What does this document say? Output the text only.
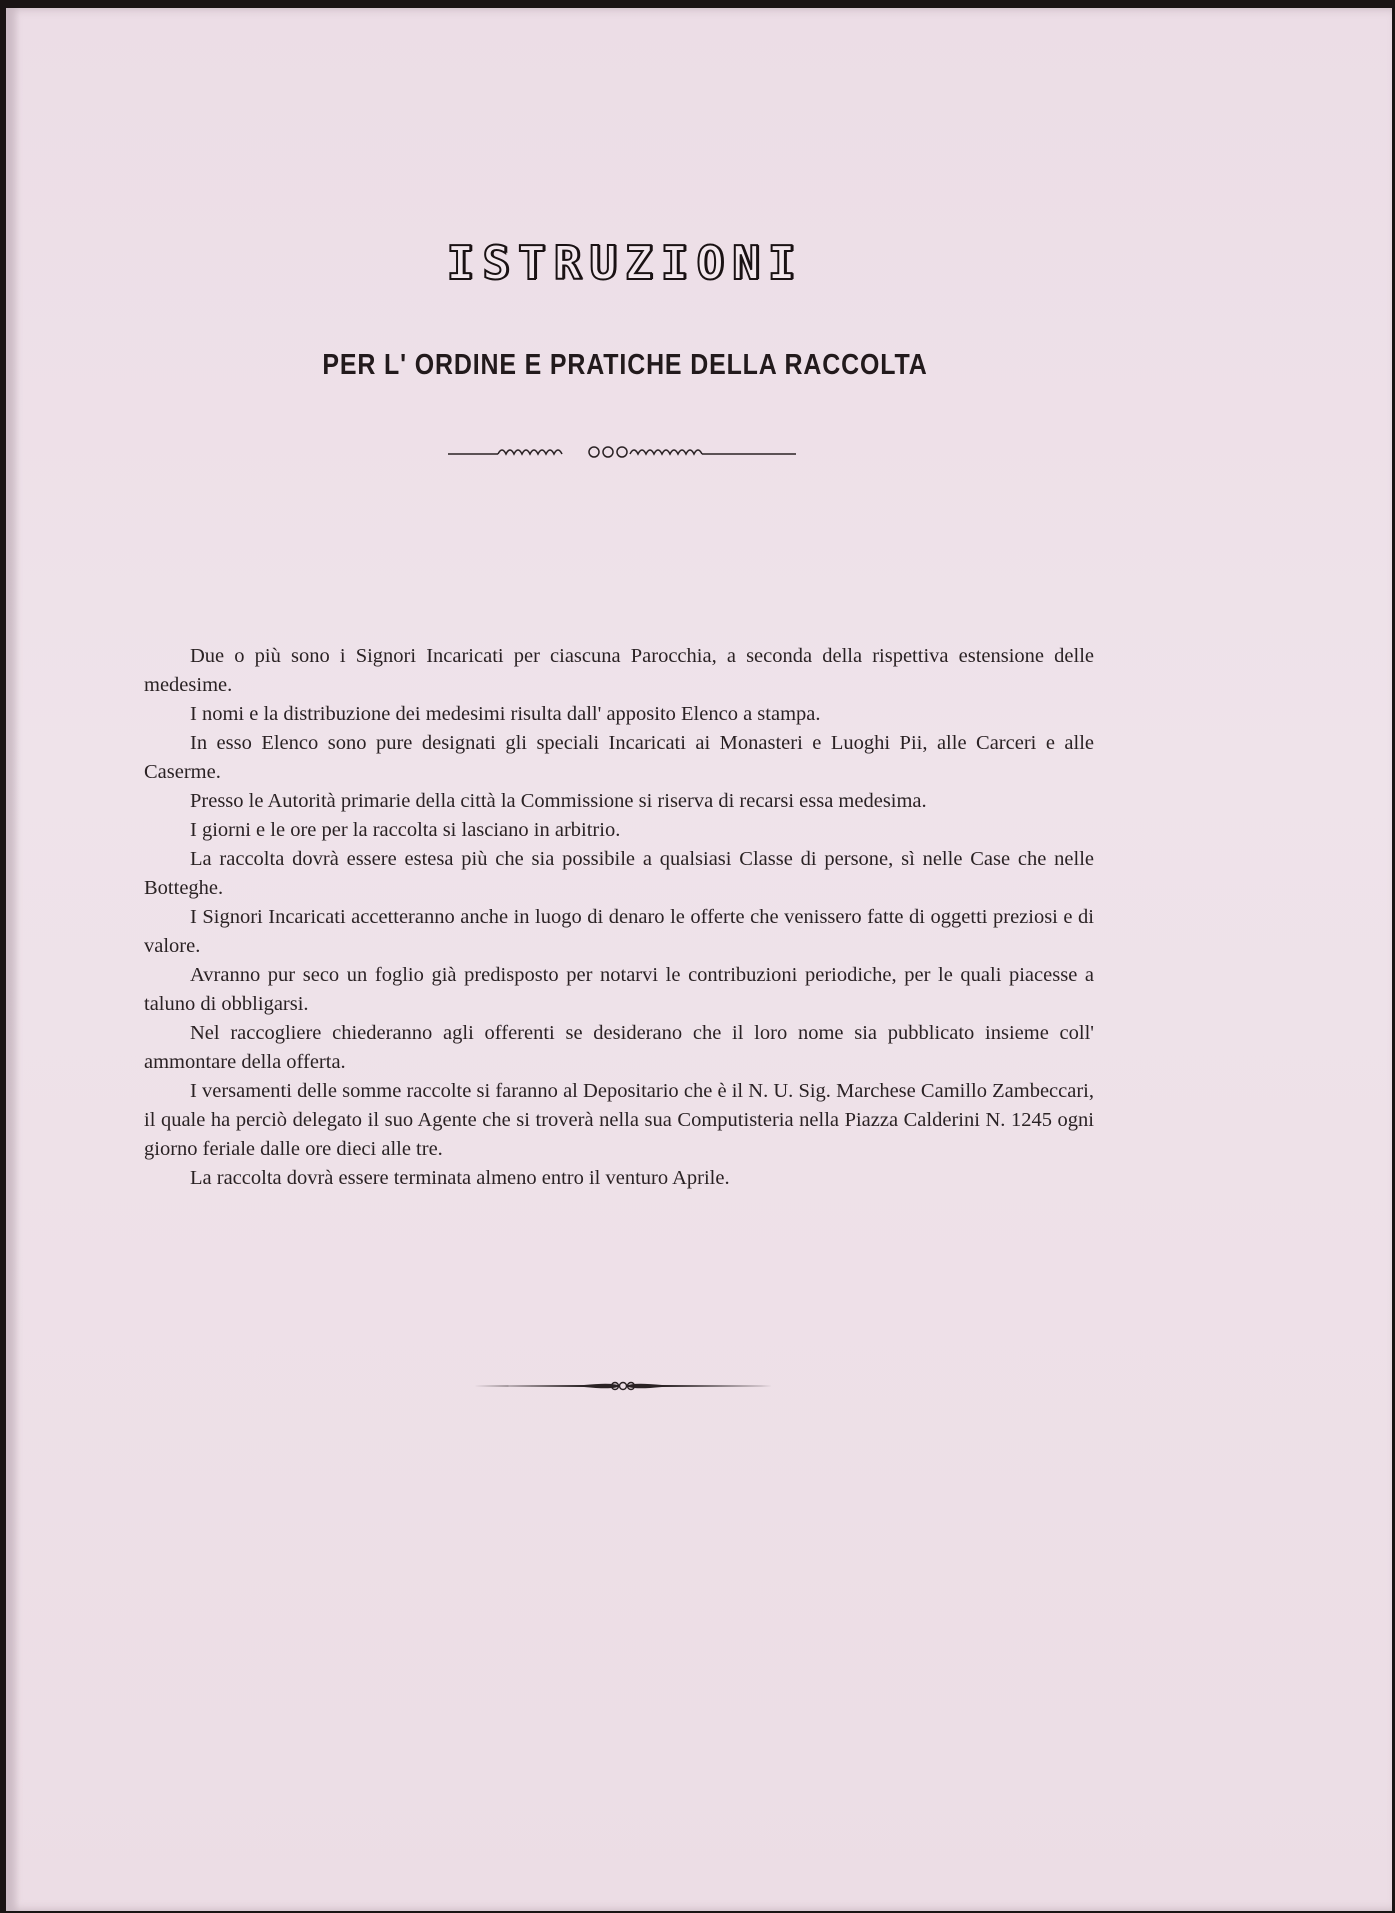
ISTRUZIONI
PER L' ORDINE E PRATICHE DELLA RACCOLTA

Due o più sono i Signori Incaricati per ciascuna Parocchia, a seconda della rispettiva estensione delle medesime.

I nomi e la distribuzione dei medesimi risulta dall' apposito Elenco a stampa.

In esso Elenco sono pure designati gli speciali Incaricati ai Monasteri e Luoghi Pii, alle Carceri e alle Caserme.

Presso le Autorità primarie della città la Commissione si riserva di recarsi essa medesima.

I giorni e le ore per la raccolta si lasciano in arbitrio.

La raccolta dovrà essere estesa più che sia possibile a qualsiasi Classe di persone, sì nelle Case che nelle Botteghe.

I Signori Incaricati accetteranno anche in luogo di denaro le offerte che venissero fatte di oggetti preziosi e di valore.

Avranno pur seco un foglio già predisposto per notarvi le contribuzioni periodiche, per le quali piacesse a taluno di obbligarsi.

Nel raccogliere chiederanno agli offerenti se desiderano che il loro nome sia pubblicato insieme coll' ammontare della offerta.

I versamenti delle somme raccolte si faranno al Depositario che è il N. U. Sig. Marchese Camillo Zambeccari, il quale ha perciò delegato il suo Agente che si troverà nella sua Computisteria nella Piazza Calderini N. 1245 ogni giorno feriale dalle ore dieci alle tre.

La raccolta dovrà essere terminata almeno entro il venturo Aprile.
